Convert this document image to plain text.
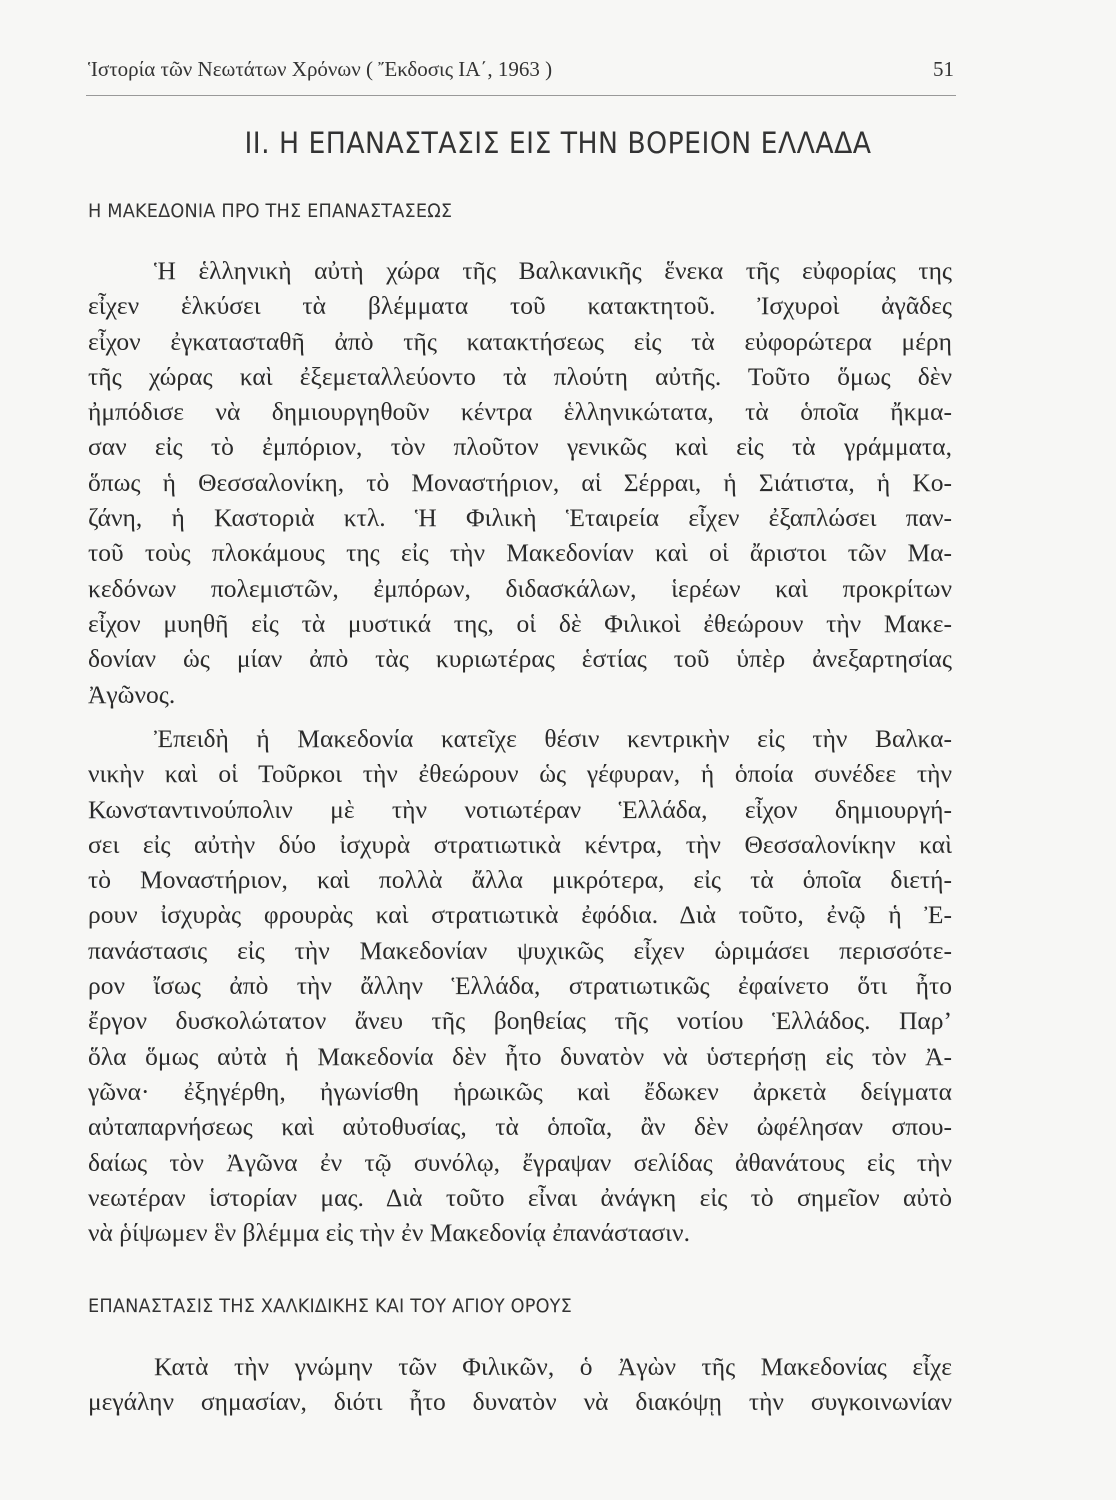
Ἱστορία τῶν Νεωτάτων Χρόνων ( Ἔκδοσις ΙΑ΄, 1963 )	51
II. Η ΕΠΑΝΑΣΤΑΣΙΣ ΕΙΣ ΤΗΝ ΒΟΡΕΙΟΝ ΕΛΛΑΔΑ
Η ΜΑΚΕΔΟΝΙΑ ΠΡΟ ΤΗΣ ΕΠΑΝΑΣΤΑΣΕΩΣ
Ἡ ἑλληνικὴ αὐτὴ χώρα τῆς Βαλκανικῆς ἕνεκα τῆς εὐφορίας της
εἶχεν ἑλκύσει τὰ βλέμματα τοῦ κατακτητοῦ. Ἰσχυροὶ ἀγᾶδες
εἶχον ἐγκατασταθῆ ἀπὸ τῆς κατακτήσεως εἰς τὰ εὐφορώτερα μέρη
τῆς χώρας καὶ ἐξεμεταλλεύοντο τὰ πλούτη αὐτῆς. Τοῦτο ὅμως δὲν
ἠμπόδισε νὰ δημιουργηθοῦν κέντρα ἑλληνικώτατα, τὰ ὁποῖα ἤκμα-
σαν εἰς τὸ ἐμπόριον, τὸν πλοῦτον γενικῶς καὶ εἰς τὰ γράμματα,
ὅπως ἡ Θεσσαλονίκη, τὸ Μοναστήριον, αἱ Σέρραι, ἡ Σιάτιστα, ἡ Κο-
ζάνη, ἡ Καστοριὰ κτλ. Ἡ Φιλικὴ Ἑταιρεία εἶχεν ἐξαπλώσει παν-
τοῦ τοὺς πλοκάμους της εἰς τὴν Μακεδονίαν καὶ οἱ ἄριστοι τῶν Μα-
κεδόνων πολεμιστῶν, ἐμπόρων, διδασκάλων, ἱερέων καὶ προκρίτων
εἶχον μυηθῆ εἰς τὰ μυστικά της, οἱ δὲ Φιλικοὶ ἐθεώρουν τὴν Μακε-
δονίαν ὡς μίαν ἀπὸ τὰς κυριωτέρας ἑστίας τοῦ ὑπὲρ ἀνεξαρτησίας
Ἀγῶνος.
Ἐπειδὴ ἡ Μακεδονία κατεῖχε θέσιν κεντρικὴν εἰς τὴν Βαλκα-
νικὴν καὶ οἱ Τοῦρκοι τὴν ἐθεώρουν ὡς γέφυραν, ἡ ὁποία συνέδεε τὴν
Κωνσταντινούπολιν μὲ τὴν νοτιωτέραν Ἑλλάδα, εἶχον δημιουργή-
σει εἰς αὐτὴν δύο ἰσχυρὰ στρατιωτικὰ κέντρα, τὴν Θεσσαλονίκην καὶ
τὸ Μοναστήριον, καὶ πολλὰ ἄλλα μικρότερα, εἰς τὰ ὁποῖα διετή-
ρουν ἰσχυρὰς φρουρὰς καὶ στρατιωτικὰ ἐφόδια. Διὰ τοῦτο, ἐνῷ ἡ Ἐ-
πανάστασις εἰς τὴν Μακεδονίαν ψυχικῶς εἶχεν ὡριμάσει περισσότε-
ρον ἴσως ἀπὸ τὴν ἄλλην Ἑλλάδα, στρατιωτικῶς ἐφαίνετο ὅτι ἦτο
ἔργον δυσκολώτατον ἄνευ τῆς βοηθείας τῆς νοτίου Ἑλλάδος. Παρ’
ὅλα ὅμως αὐτὰ ἡ Μακεδονία δὲν ἦτο δυνατὸν νὰ ὑστερήσῃ εἰς τὸν Ἀ-
γῶνα· ἐξηγέρθη, ἠγωνίσθη ἡρωικῶς καὶ ἔδωκεν ἀρκετὰ δείγματα
αὐταπαρνήσεως καὶ αὐτοθυσίας, τὰ ὁποῖα, ἂν δὲν ὠφέλησαν σπου-
δαίως τὸν Ἀγῶνα ἐν τῷ συνόλῳ, ἔγραψαν σελίδας ἀθανάτους εἰς τὴν
νεωτέραν ἱστορίαν μας. Διὰ τοῦτο εἶναι ἀνάγκη εἰς τὸ σημεῖον αὐτὸ
νὰ ῥίψωμεν ἓν βλέμμα εἰς τὴν ἐν Μακεδονίᾳ ἐπανάστασιν.
ΕΠΑΝΑΣΤΑΣΙΣ ΤΗΣ ΧΑΛΚΙΔΙΚΗΣ ΚΑΙ ΤΟΥ ΑΓΙΟΥ ΟΡΟΥΣ
Κατὰ τὴν γνώμην τῶν Φιλικῶν, ὁ Ἀγὼν τῆς Μακεδονίας εἶχε
μεγάλην σημασίαν, διότι ἦτο δυνατὸν νὰ διακόψῃ τὴν συγκοινωνίαν
